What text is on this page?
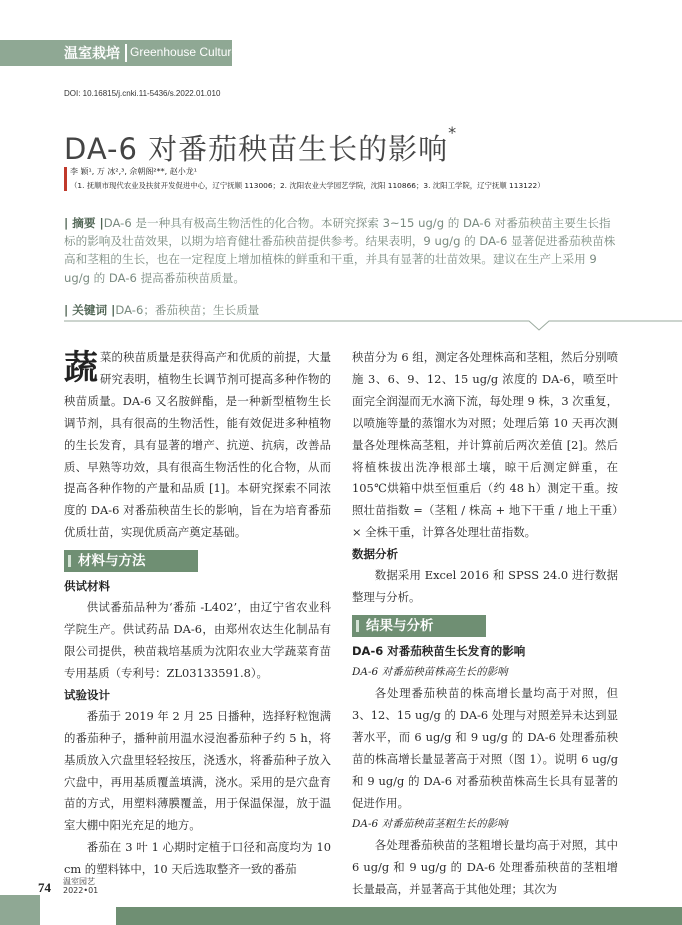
温室栽培 Greenhouse Culture
DOI: 10.16815/j.cnki.11-5436/s.2022.01.010
DA-6 对番茄秧苗生长的影响*
李 颖¹, 万 冰²,³, 佘朝阁²**, 赵小龙¹
（1. 抚顺市现代农业及扶贫开发促进中心，辽宁抚顺 113006；2. 沈阳农业大学园艺学院，沈阳 110866；3. 沈阳工学院，辽宁抚顺 113122）
| 摘要 |DA-6 是一种具有极高生物活性的化合物。本研究探索 3~15 ug/g 的 DA-6 对番茄秧苗主要生长指标的影响及壮苗效果，以期为培育健壮番茄秧苗提供参考。结果表明，9 ug/g 的 DA-6 显著促进番茄秧苗株高和茎粗的生长，也在一定程度上增加植株的鲜重和干重，并具有显著的壮苗效果。建议在生产上采用 9 ug/g 的 DA-6 提高番茄秧苗质量。
| 关键词 |DA-6；番茄秧苗；生长质量

蔬菜的秧苗质量是获得高产和优质的前提，大量研究表明，植物生长调节剂可提高多种作物的秧苗质量。DA-6 又名胺鲜酯，是一种新型植物生长调节剂，具有很高的生物活性，能有效促进多种植物的生长发育，具有显著的增产、抗逆、抗病，改善品质、早熟等功效，具有很高生物活性的化合物，从而提高各种作物的产量和品质 [1]。本研究探索不同浓度的 DA-6 对番茄秧苗生长的影响，旨在为培育番茄优质壮苗，实现优质高产奠定基础。

材料与方法
供试材料

供试番茄品种为‘番茄 -L402’，由辽宁省农业科学院生产。供试药品 DA-6，由郑州农达生化制品有限公司提供，秧苗栽培基质为沈阳农业大学蔬菜育苗专用基质（专利号：ZL03133591.8）。

试验设计

番茄于 2019 年 2 月 25 日播种，选择籽粒饱满的番茄种子，播种前用温水浸泡番茄种子约 5 h，将基质放入穴盘里轻轻按压，浇透水，将番茄种子放入穴盘中，再用基质覆盖填满，浇水。采用的是穴盘育苗的方式，用塑料薄膜覆盖，用于保温保湿，放于温室大棚中阳光充足的地方。

番茄在 3 叶 1 心期时定植于口径和高度均为 10 cm 的塑料钵中，10 天后选取整齐一致的番茄

秧苗分为 6 组，测定各处理株高和茎粗，然后分别喷施 3、6、9、12、15 ug/g 浓度的 DA-6，喷至叶面完全润湿而无水滴下流，每处理 9 株，3 次重复，以喷施等量的蒸馏水为对照；处理后第 10 天再次测量各处理株高茎粗，并计算前后两次差值 [2]。然后将植株拔出洗净根部土壤，晾干后测定鲜重，在 105℃烘箱中烘至恒重后（约 48 h）测定干重。按照壮苗指数 =（茎粗 / 株高 + 地下干重 / 地上干重）× 全株干重，计算各处理壮苗指数。

数据分析

数据采用 Excel 2016 和 SPSS 24.0 进行数据整理与分析。

结果与分析
DA-6 对番茄秧苗生长发育的影响
DA-6 对番茄秧苗株高生长的影响

各处理番茄秧苗的株高增长量均高于对照，但 3、12、15 ug/g 的 DA-6 处理与对照差异未达到显著水平，而 6 ug/g 和 9 ug/g 的 DA-6 处理番茄秧苗的株高增长量显著高于对照（图 1）。说明 6 ug/g 和 9 ug/g 的 DA-6 对番茄秧苗株高生长具有显著的促进作用。

DA-6 对番茄秧苗茎粗生长的影响

各处理番茄秧苗的茎粗增长量均高于对照，其中 6 ug/g 和 9 ug/g 的 DA-6 处理番茄秧苗的茎粗增长量最高，并显著高于其他处理；其次为

74 温室园艺
2022•01
